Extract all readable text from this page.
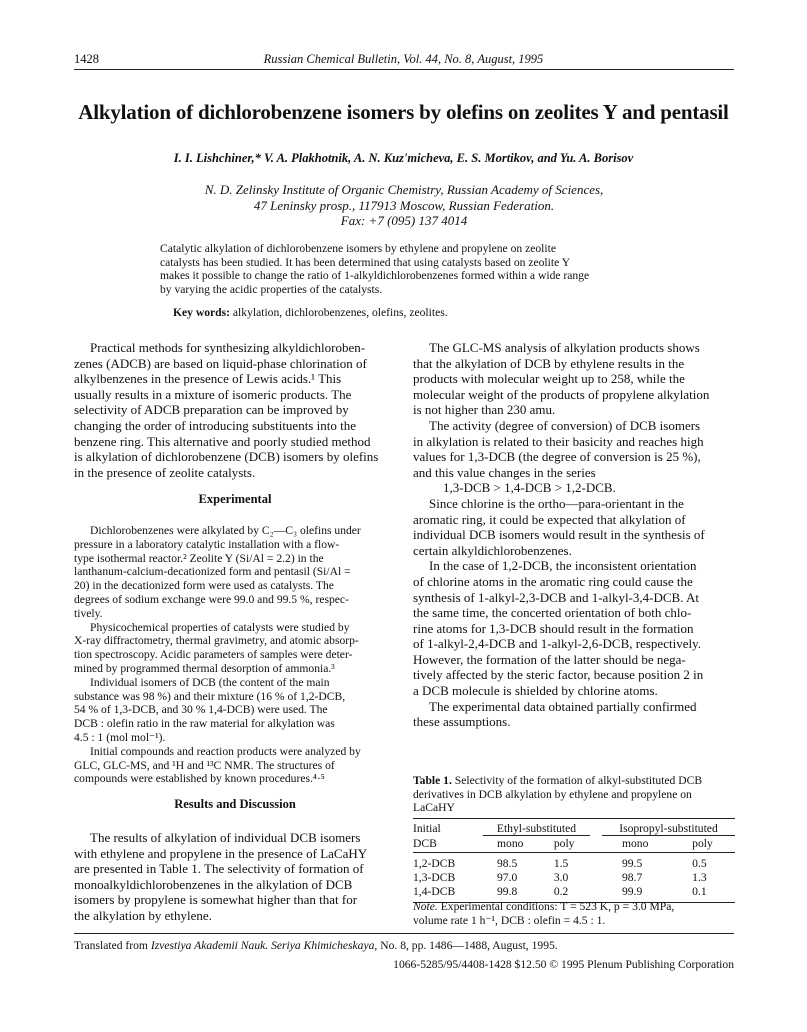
1428	Russian Chemical Bulletin, Vol. 44, No. 8, August, 1995
Alkylation of dichlorobenzene isomers by olefins on zeolites Y and pentasil
I. I. Lishchiner,* V. A. Plakhotnik, A. N. Kuz'micheva, E. S. Mortikov, and Yu. A. Borisov
N. D. Zelinsky Institute of Organic Chemistry, Russian Academy of Sciences,
47 Leninsky prosp., 117913 Moscow, Russian Federation.
Fax: +7 (095) 137 4014
Catalytic alkylation of dichlorobenzene isomers by ethylene and propylene on zeolite
catalysts has been studied. It has been determined that using catalysts based on zeolite Y
makes it possible to change the ratio of 1-alkyldichlorobenzenes formed within a wide range
by varying the acidic properties of the catalysts.
Key words: alkylation, dichlorobenzenes, olefins, zeolites.
Practical methods for synthesizing alkyldichloroben-
zenes (ADCB) are based on liquid-phase chlorination of
alkylbenzenes in the presence of Lewis acids.¹ This
usually results in a mixture of isomeric products. The
selectivity of ADCB preparation can be improved by
changing the order of introducing substituents into the
benzene ring. This alternative and poorly studied method
is alkylation of dichlorobenzene (DCB) isomers by olefins
in the presence of zeolite catalysts.
Experimental
Dichlorobenzenes were alkylated by C₂—C₃ olefins under
pressure in a laboratory catalytic installation with a flow-
type isothermal reactor.² Zeolite Y (Si/Al = 2.2) in the
lanthanum-calcium-decationized form and pentasil (Si/Al =
20) in the decationized form were used as catalysts. The
degrees of sodium exchange were 99.0 and 99.5 %, respec-
tively.
Physicochemical properties of catalysts were studied by
X-ray diffractometry, thermal gravimetry, and atomic absorp-
tion spectroscopy. Acidic parameters of samples were deter-
mined by programmed thermal desorption of ammonia.³
Individual isomers of DCB (the content of the main
substance was 98 %) and their mixture (16 % of 1,2-DCB,
54 % of 1,3-DCB, and 30 % 1,4-DCB) were used. The
DCB : olefin ratio in the raw material for alkylation was
4.5 : 1 (mol mol⁻¹).
Initial compounds and reaction products were analyzed by
GLC, GLC-MS, and ¹H and ¹³C NMR. The structures of
compounds were established by known procedures.⁴·⁵
Results and Discussion
The results of alkylation of individual DCB isomers
with ethylene and propylene in the presence of LaCaHY
are presented in Table 1. The selectivity of formation of
monoalkyldichlorobenzenes in the alkylation of DCB
isomers by propylene is somewhat higher than that for
the alkylation by ethylene.
The GLC-MS analysis of alkylation products shows
that the alkylation of DCB by ethylene results in the
products with molecular weight up to 258, while the
molecular weight of the products of propylene alkylation
is not higher than 230 amu.
The activity (degree of conversion) of DCB isomers
in alkylation is related to their basicity and reaches high
values for 1,3-DCB (the degree of conversion is 25 %),
and this value changes in the series
1,3-DCB > 1,4-DCB > 1,2-DCB.
Since chlorine is the ortho—para-orientant in the
aromatic ring, it could be expected that alkylation of
individual DCB isomers would result in the synthesis of
certain alkyldichlorobenzenes.
In the case of 1,2-DCB, the inconsistent orientation
of chlorine atoms in the aromatic ring could cause the
synthesis of 1-alkyl-2,3-DCB and 1-alkyl-3,4-DCB. At
the same time, the concerted orientation of both chlo-
rine atoms for 1,3-DCB should result in the formation
of 1-alkyl-2,4-DCB and 1-alkyl-2,6-DCB, respectively.
However, the formation of the latter should be nega-
tively affected by the steric factor, because position 2 in
a DCB molecule is shielded by chlorine atoms.
The experimental data obtained partially confirmed
these assumptions.
Table 1. Selectivity of the formation of alkyl-substituted DCB
derivatives in DCB alkylation by ethylene and propylene on
LaCaHY
Initial	Ethyl-substituted			Isopropyl-substituted	
DCB	mono	poly		mono	poly
1,2-DCB	98.5	1.5		99.5	0.5
1,3-DCB	97.0	3.0		98.7	1.3
1,4-DCB	99.8	0.2		99.9	0.1
Note. Experimental conditions: T = 523 K, p = 3.0 MPa,
volume rate 1 h⁻¹, DCB : olefin = 4.5 : 1.
Translated from Izvestiya Akademii Nauk. Seriya Khimicheskaya, No. 8, pp. 1486—1488, August, 1995.
1066-5285/95/4408-1428 $12.50 © 1995 Plenum Publishing Corporation
